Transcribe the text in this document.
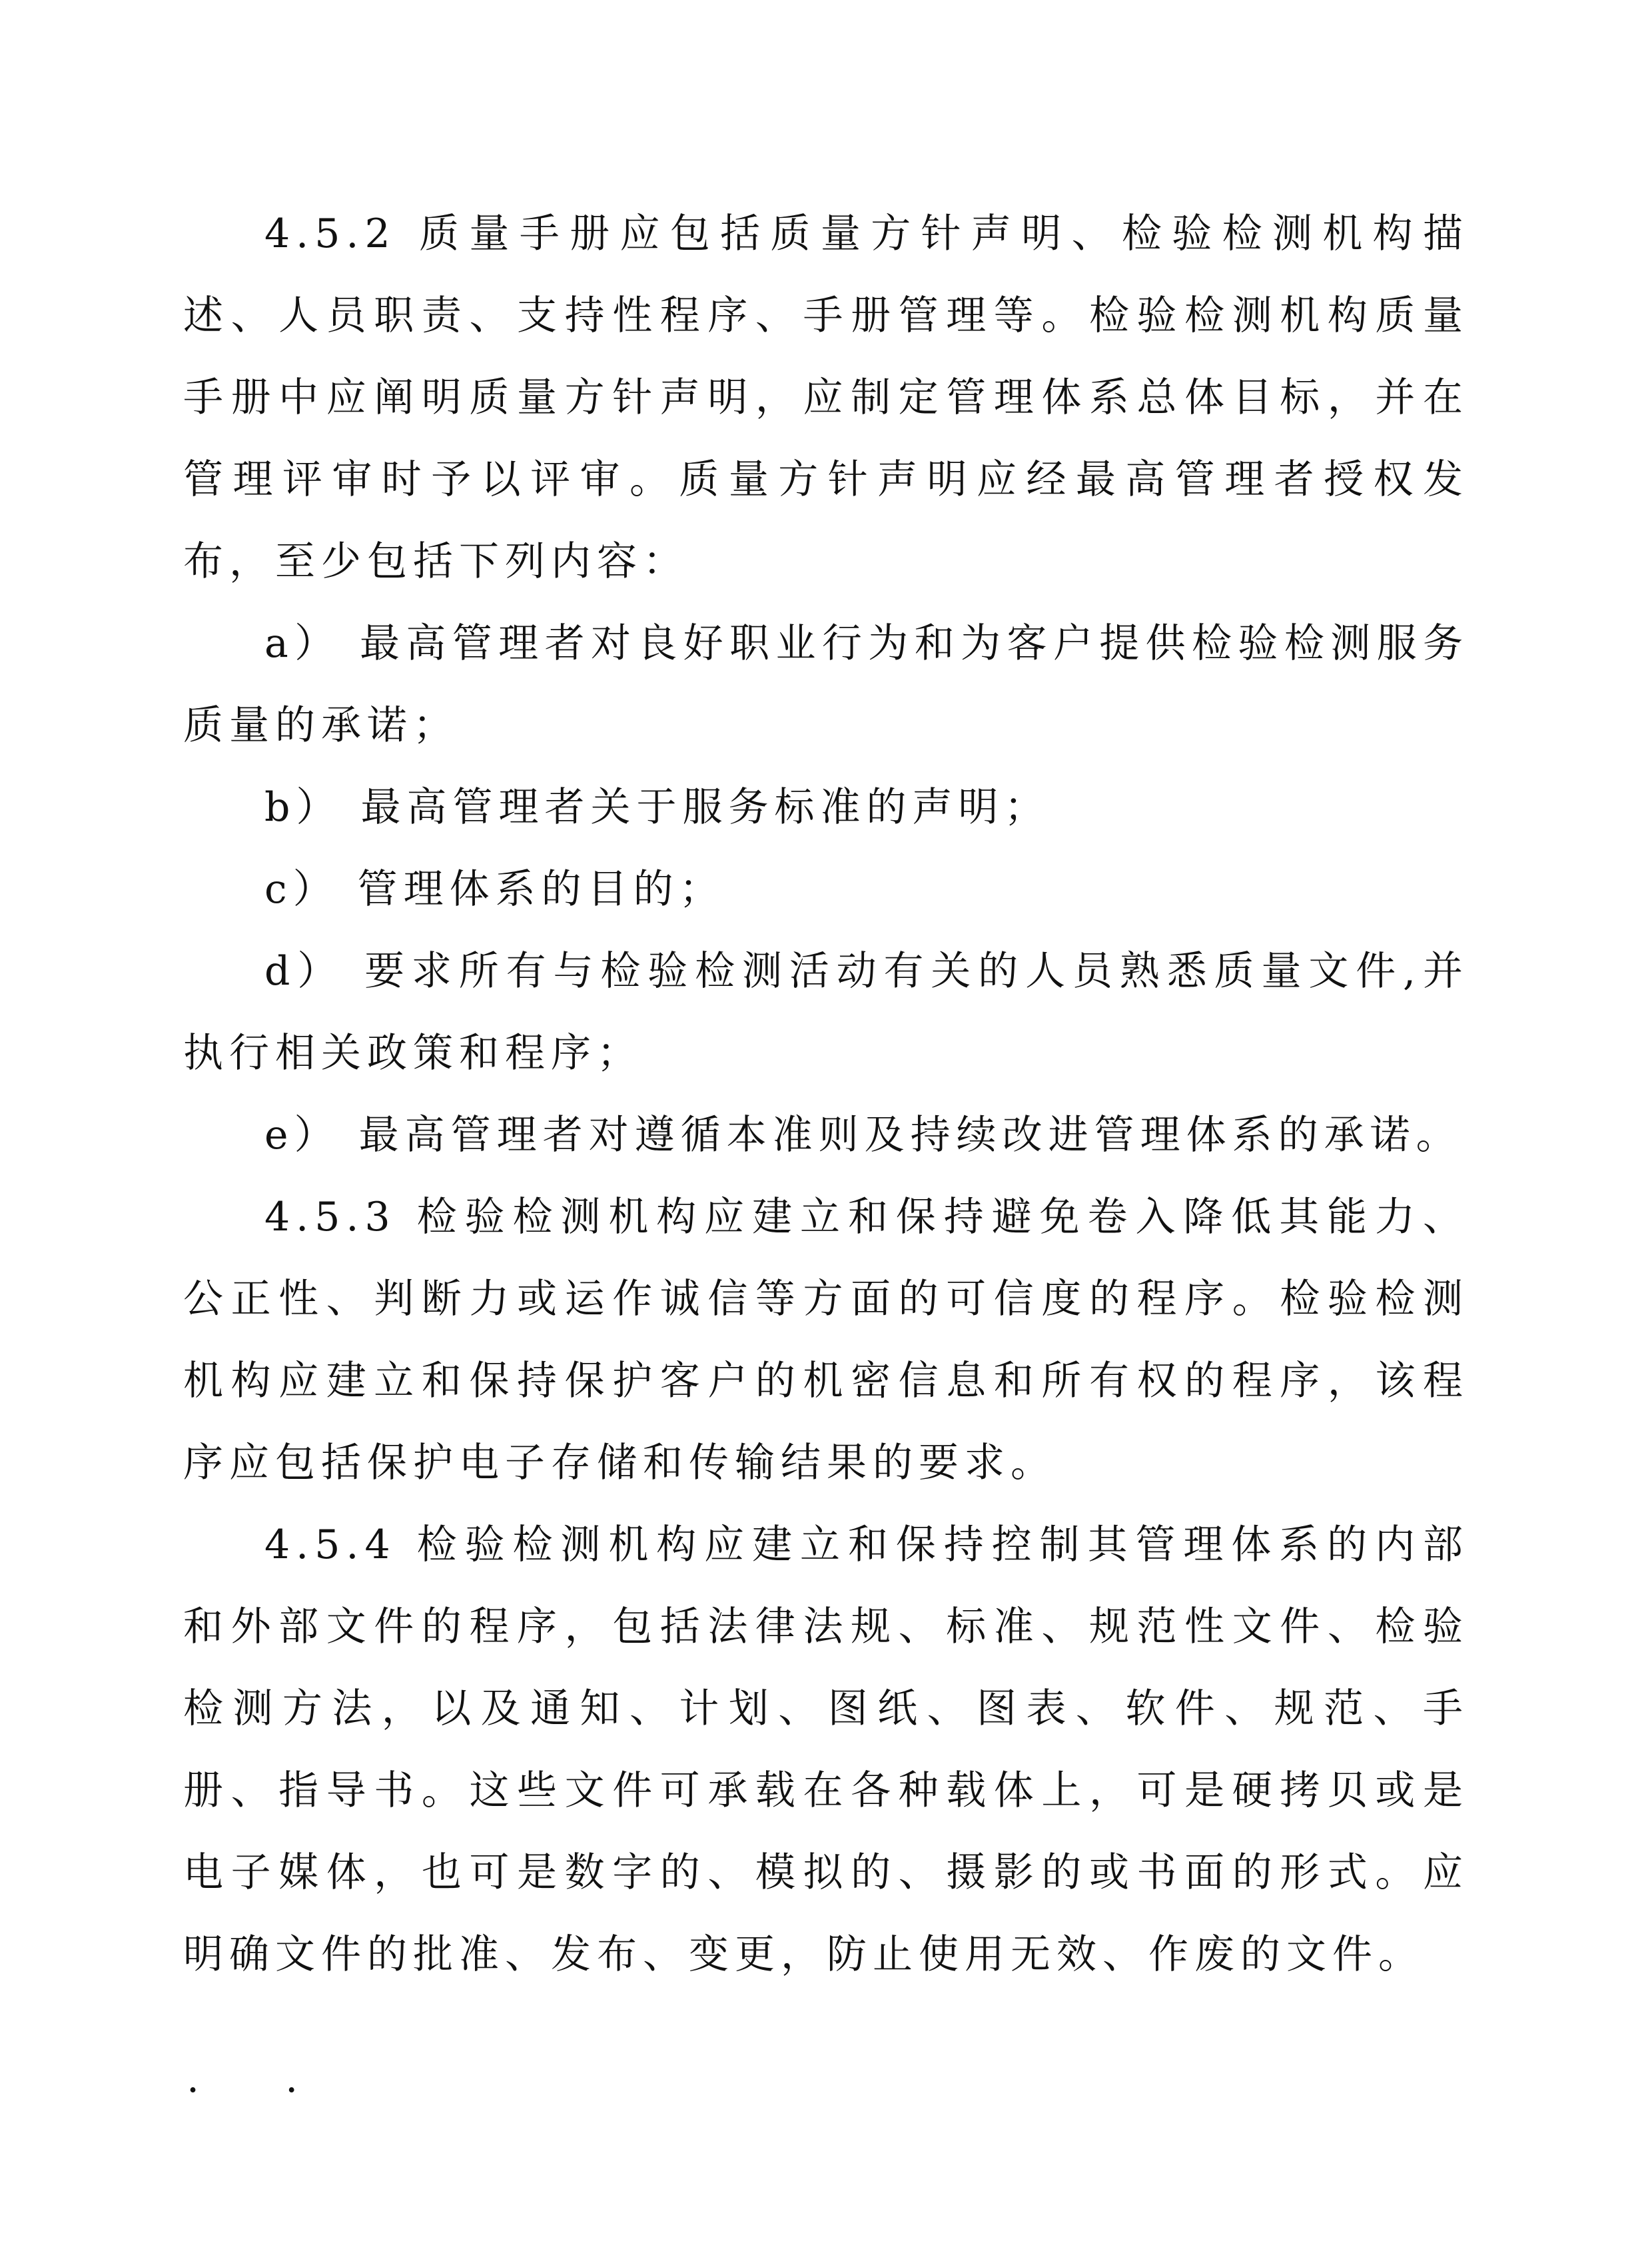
4.5.2 质量手册应包括质量方针声明、检验检测机构描述、人员职责、支持性程序、手册管理等。检验检测机构质量手册中应阐明质量方针声明，应制定管理体系总体目标，并在管理评审时予以评审。质量方针声明应经最高管理者授权发布，至少包括下列内容：

a） 最高管理者对良好职业行为和为客户提供检验检测服务质量的承诺；

b） 最高管理者关于服务标准的声明；

c） 管理体系的目的；

d） 要求所有与检验检测活动有关的人员熟悉质量文件,并执行相关政策和程序；

e） 最高管理者对遵循本准则及持续改进管理体系的承诺。

4.5.3 检验检测机构应建立和保持避免卷入降低其能力、公正性、判断力或运作诚信等方面的可信度的程序。检验检测机构应建立和保持保护客户的机密信息和所有权的程序，该程序应包括保护电子存储和传输结果的要求。

4.5.4 检验检测机构应建立和保持控制其管理体系的内部和外部文件的程序，包括法律法规、标准、规范性文件、检验检测方法，以及通知、计划、图纸、图表、软件、规范、手册、指导书。这些文件可承载在各种载体上，可是硬拷贝或是电子媒体，也可是数字的、模拟的、摄影的或书面的形式。应明确文件的批准、发布、变更，防止使用无效、作废的文件。

. .
